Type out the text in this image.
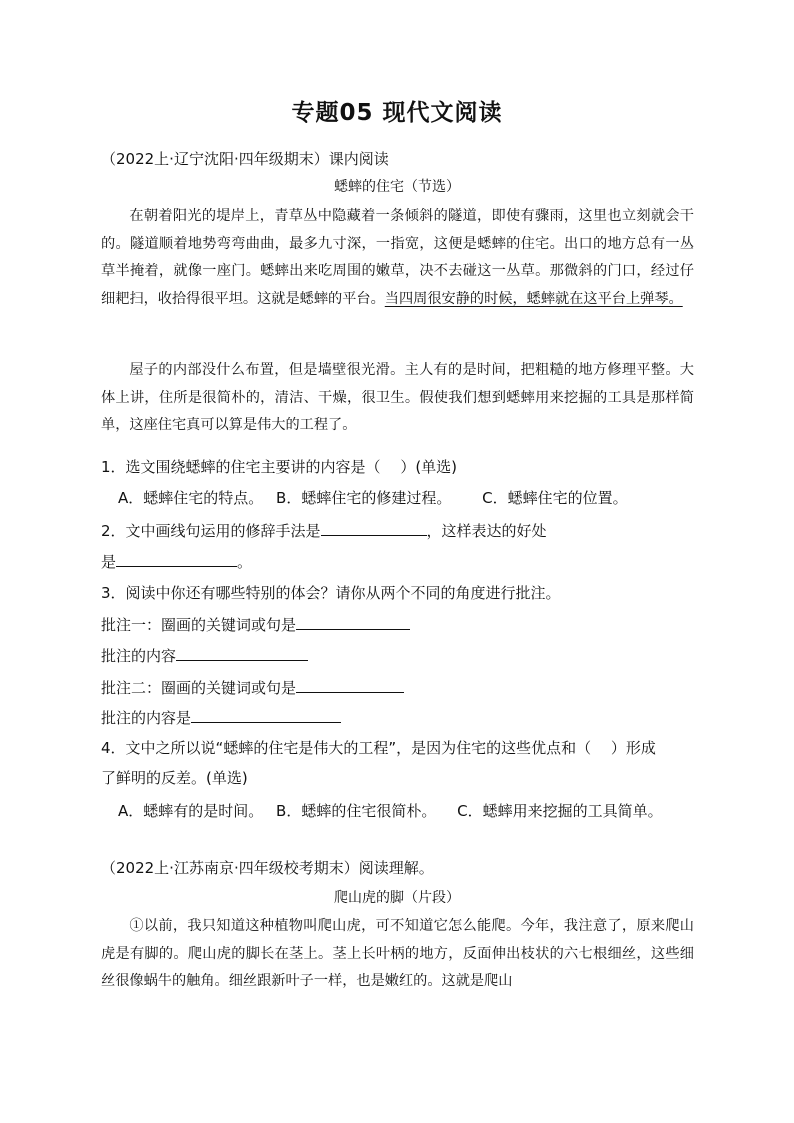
专题05 现代文阅读
（2022上·辽宁沈阳·四年级期末）课内阅读
蟋蟀的住宅（节选）

在朝着阳光的堤岸上，青草丛中隐藏着一条倾斜的隧道，即使有骤雨，这里也立刻就会干的。隧道顺着地势弯弯曲曲，最多九寸深，一指宽，这便是蟋蟀的住宅。出口的地方总有一丛草半掩着，就像一座门。蟋蟀出来吃周围的嫩草，决不去碰这一丛草。那微斜的门口，经过仔细耙扫，收拾得很平坦。这就是蟋蟀的平台。当四周很安静的时候，蟋蟀就在这平台上弹琴。

屋子的内部没什么布置，但是墙壁很光滑。主人有的是时间，把粗糙的地方修理平整。大体上讲，住所是很简朴的，清洁、干燥，很卫生。假使我们想到蟋蟀用来挖掘的工具是那样简单，这座住宅真可以算是伟大的工程了。

1．选文围绕蟋蟀的住宅主要讲的内容是（　 ）(单选)
A．蟋蟀住宅的特点。 B．蟋蟀住宅的修建过程。 C．蟋蟀住宅的位置。
2．文中画线句运用的修辞手法是	，这样表达的好处
是	。
3．阅读中你还有哪些特别的体会？请你从两个不同的角度进行批注。
批注一：圈画的关键词或句是
批注的内容
批注二：圈画的关键词或句是
批注的内容是
4．文中之所以说“蟋蟀的住宅是伟大的工程”，是因为住宅的这些优点和（　 ）形成
了鲜明的反差。(单选)
A．蟋蟀有的是时间。 B．蟋蟀的住宅很简朴。 C．蟋蟀用来挖掘的工具简单。
（2022上·江苏南京·四年级校考期末）阅读理解。
爬山虎的脚（片段）

①以前，我只知道这种植物叫爬山虎，可不知道它怎么能爬。今年，我注意了，原来爬山虎是有脚的。爬山虎的脚长在茎上。茎上长叶柄的地方，反面伸出枝状的六七根细丝，这些细丝很像蜗牛的触角。细丝跟新叶子一样，也是嫩红的。这就是爬山
